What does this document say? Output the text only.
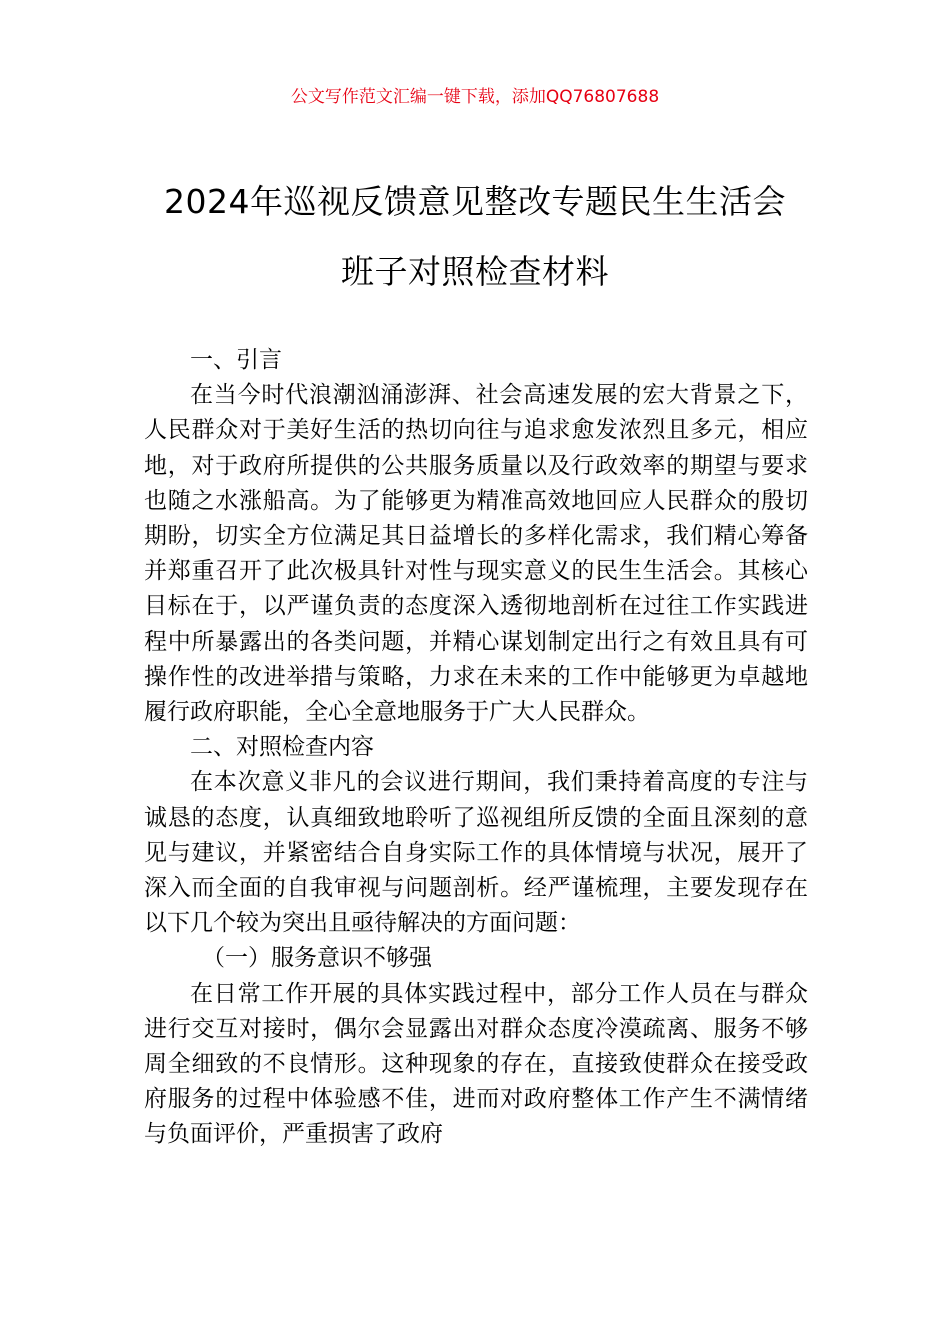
公文写作范文汇编一键下载，添加QQ76807688
2024年巡视反馈意见整改专题民生生活会
班子对照检查材料

一、引言

在当今时代浪潮汹涌澎湃、社会高速发展的宏大背景之下，人民群众对于美好生活的热切向往与追求愈发浓烈且多元，相应地，对于政府所提供的公共服务质量以及行政效率的期望与要求也随之水涨船高。为了能够更为精准高效地回应人民群众的殷切期盼，切实全方位满足其日益增长的多样化需求，我们精心筹备并郑重召开了此次极具针对性与现实意义的民生生活会。其核心目标在于，以严谨负责的态度深入透彻地剖析在过往工作实践进程中所暴露出的各类问题，并精心谋划制定出行之有效且具有可操作性的改进举措与策略，力求在未来的工作中能够更为卓越地履行政府职能，全心全意地服务于广大人民群众。

二、对照检查内容

在本次意义非凡的会议进行期间，我们秉持着高度的专注与诚恳的态度，认真细致地聆听了巡视组所反馈的全面且深刻的意见与建议，并紧密结合自身实际工作的具体情境与状况，展开了深入而全面的自我审视与问题剖析。经严谨梳理，主要发现存在以下几个较为突出且亟待解决的方面问题：

（一）服务意识不够强

在日常工作开展的具体实践过程中，部分工作人员在与群众进行交互对接时，偶尔会显露出对群众态度冷漠疏离、服务不够周全细致的不良情形。这种现象的存在，直接致使群众在接受政府服务的过程中体验感不佳，进而对政府整体工作产生不满情绪与负面评价，严重损害了政府
